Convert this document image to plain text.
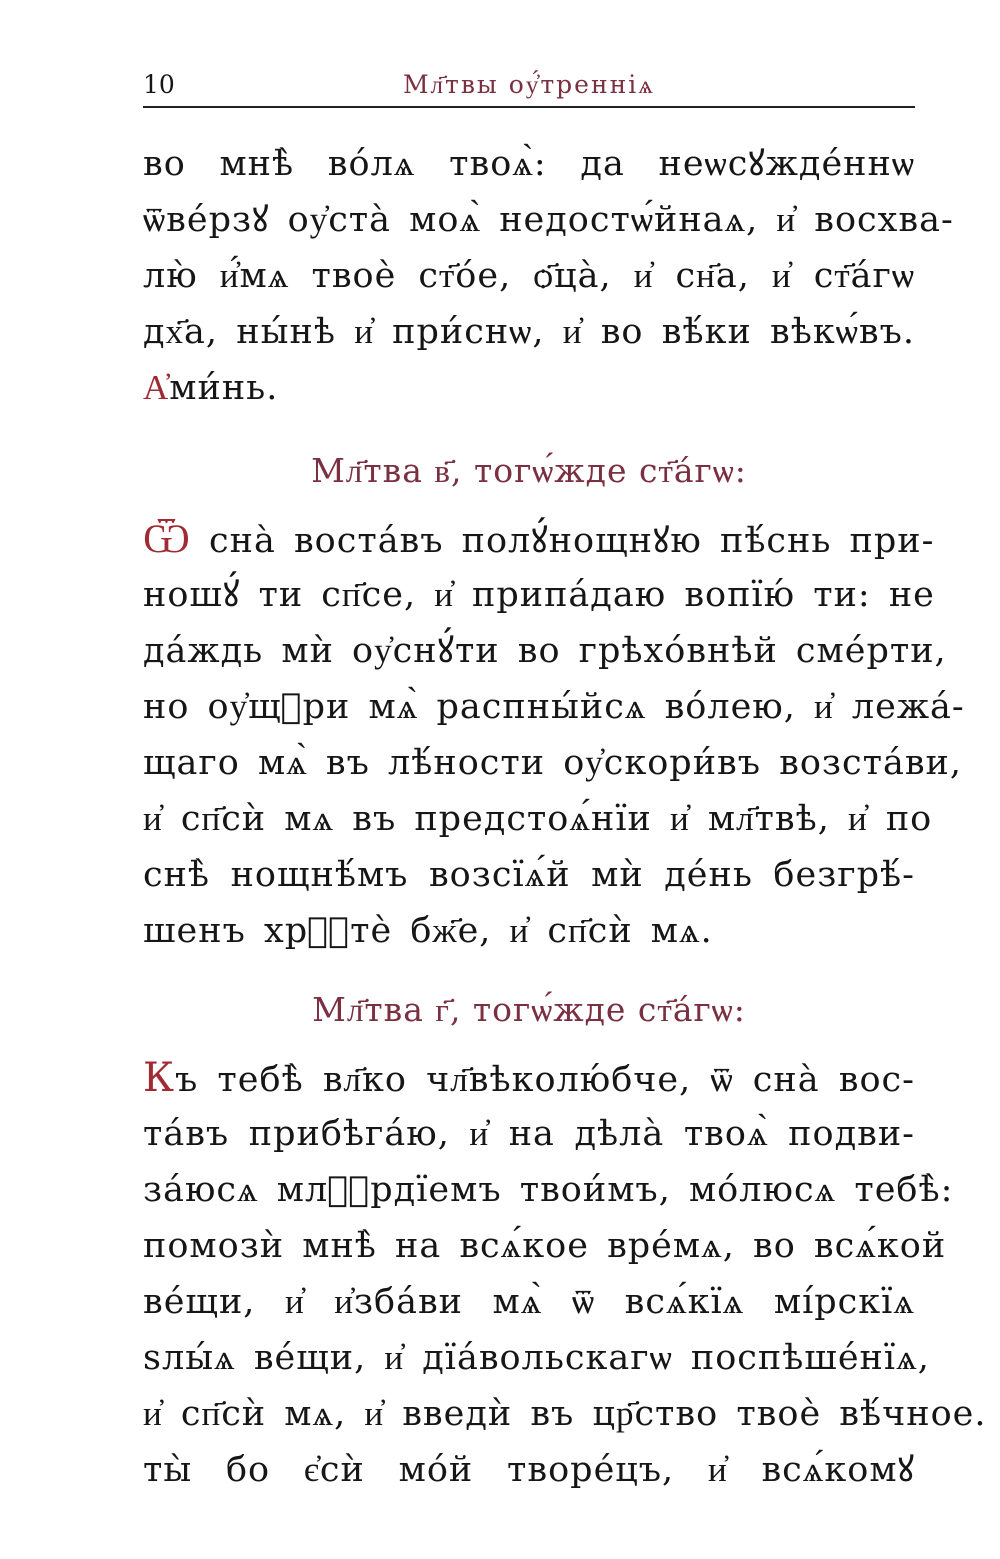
10	Мл҃твы оу҆́тренніѧ
во мнѣ̀ во́лѧ твоѧ̀: да неѡсꙋжде́ннѡ
ѿве́рзꙋ оу҆ста̀ моѧ̀ недостѡ́йнаѧ, и҆ восхва-
лю̀ и҆́мѧ твоѐ ст҃о́е, ѻ҃ца̀, и҆ сн҃а, и҆ ст҃а́гѡ
дх҃а, ны́нѣ и҆ при́снѡ, и҆ во вѣ́ки вѣкѡ́въ.
А҆ми́нь.
Мл҃тва в҃, тогѡ́жде ст҃а́гѡ:
Ѿ сна̀ воста́въ полꙋ́нощнꙋю пѣ́снь при-
ношꙋ́ ти сп҃се, и҆ припа́даю вопїю́ ти: не
да́ждь мѝ оу҆снꙋ́ти во грѣхо́внѣй сме́рти,
но оу҆щⷣри мѧ̀ распны́йсѧ во́лею, и҆ лежа́-
щаго мѧ̀ въ лѣ́ности оу҆скори́въ возста́ви,
и҆ сп҃сѝ мѧ въ предстоѧ́нїи и҆ мл҃твѣ, и҆ по
снѣ̀ нощнѣ́мъ возсїѧ́й мѝ де́нь безгрѣ́-
шенъ хрⷭ҇тѐ бж҃е, и҆ сп҃сѝ мѧ.
Мл҃тва г҃, тогѡ́жде ст҃а́гѡ:
Къ тебѣ̀ вл҃ко чл҃вѣколю́бче, ѿ сна̀ вос-
та́въ прибѣга́ю, и҆ на дѣла̀ твоѧ̀ подви-
за́юсѧ млⷭ҇рдїемъ твои́мъ, мо́люсѧ тебѣ̀:
помозѝ мнѣ̀ на всѧ́кое вре́мѧ, во всѧ́кой
ве́щи, и҆ и҆зба́ви мѧ̀ ѿ всѧ́кїѧ мі́рскїѧ
ѕлы́ѧ ве́щи, и҆ дїа́вольскагѡ поспѣше́нїѧ,
и҆ сп҃сѝ мѧ, и҆ введѝ въ цр҃ство твоѐ вѣ́чное.
ты̀ бо є҆сѝ мо́й творе́цъ, и҆ всѧ́комꙋ
